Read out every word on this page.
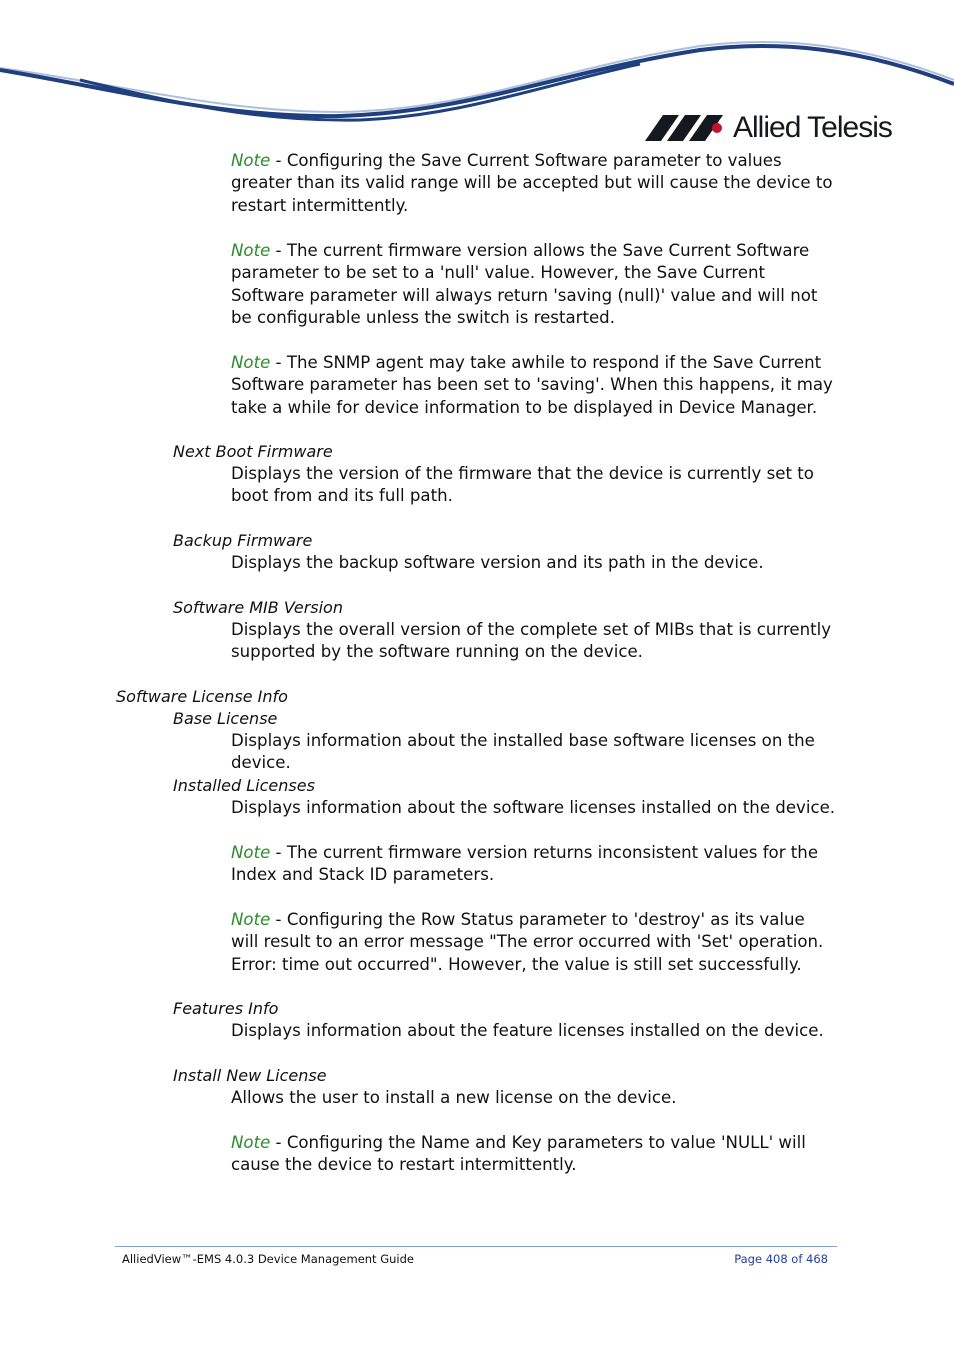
Allied Telesis
Note - Configuring the Save Current Software parameter to values greater than its valid range will be accepted but will cause the device to restart intermittently.
Note - The current firmware version allows the Save Current Software parameter to be set to a 'null' value. However, the Save Current Software parameter will always return 'saving (null)' value and will not be configurable unless the switch is restarted.
Note - The SNMP agent may take awhile to respond if the Save Current Software parameter has been set to 'saving'. When this happens, it may take a while for device information to be displayed in Device Manager.
Next Boot Firmware
Displays the version of the firmware that the device is currently set to boot from and its full path.
Backup Firmware
Displays the backup software version and its path in the device.
Software MIB Version
Displays the overall version of the complete set of MIBs that is currently supported by the software running on the device.
Software License Info
Base License
Displays information about the installed base software licenses on the device.
Installed Licenses
Displays information about the software licenses installed on the device.
Note - The current firmware version returns inconsistent values for the Index and Stack ID parameters.
Note - Configuring the Row Status parameter to 'destroy' as its value will result to an error message "The error occurred with 'Set' operation. Error: time out occurred". However, the value is still set successfully.
Features Info
Displays information about the feature licenses installed on the device.
Install New License
Allows the user to install a new license on the device.
Note - Configuring the Name and Key parameters to value 'NULL' will cause the device to restart intermittently.
AlliedView™-EMS 4.0.3 Device Management Guide	Page 408 of 468
